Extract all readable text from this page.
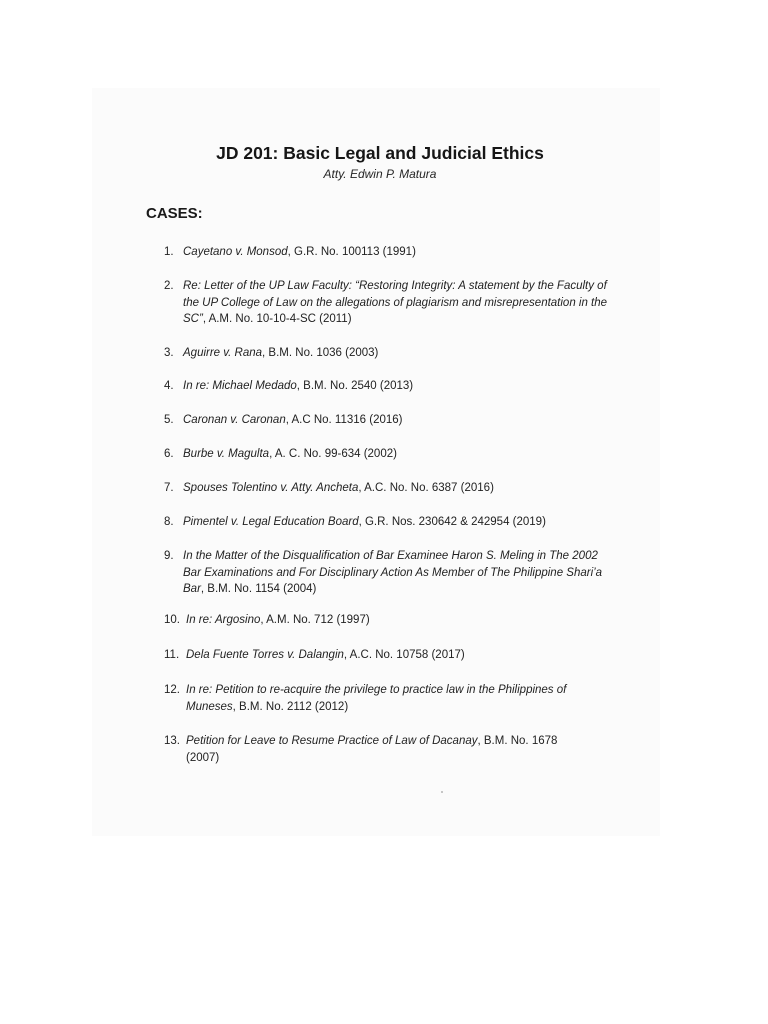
JD 201: Basic Legal and Judicial Ethics

Atty. Edwin P. Matura

CASES:
1. Cayetano v. Monsod, G.R. No. 100113 (1991)
2. Re: Letter of the UP Law Faculty: “Restoring Integrity: A statement by the Faculty of the UP College of Law on the allegations of plagiarism and misrepresentation in the SC”, A.M. No. 10-10-4-SC (2011)
3. Aguirre v. Rana, B.M. No. 1036 (2003)
4. In re: Michael Medado, B.M. No. 2540 (2013)
5. Caronan v. Caronan, A.C No. 11316 (2016)
6. Burbe v. Magulta, A. C. No. 99-634 (2002)
7. Spouses Tolentino v. Atty. Ancheta, A.C. No. No. 6387 (2016)
8. Pimentel v. Legal Education Board, G.R. Nos. 230642 & 242954 (2019)
9. In the Matter of the Disqualification of Bar Examinee Haron S. Meling in The 2002 Bar Examinations and For Disciplinary Action As Member of The Philippine Shari’a Bar, B.M. No. 1154 (2004)
10. In re: Argosino, A.M. No. 712 (1997)
11. Dela Fuente Torres v. Dalangin, A.C. No. 10758 (2017)
12. In re: Petition to re-acquire the privilege to practice law in the Philippines of Muneses, B.M. No. 2112 (2012)
13. Petition for Leave to Resume Practice of Law of Dacanay, B.M. No. 1678 (2007)
